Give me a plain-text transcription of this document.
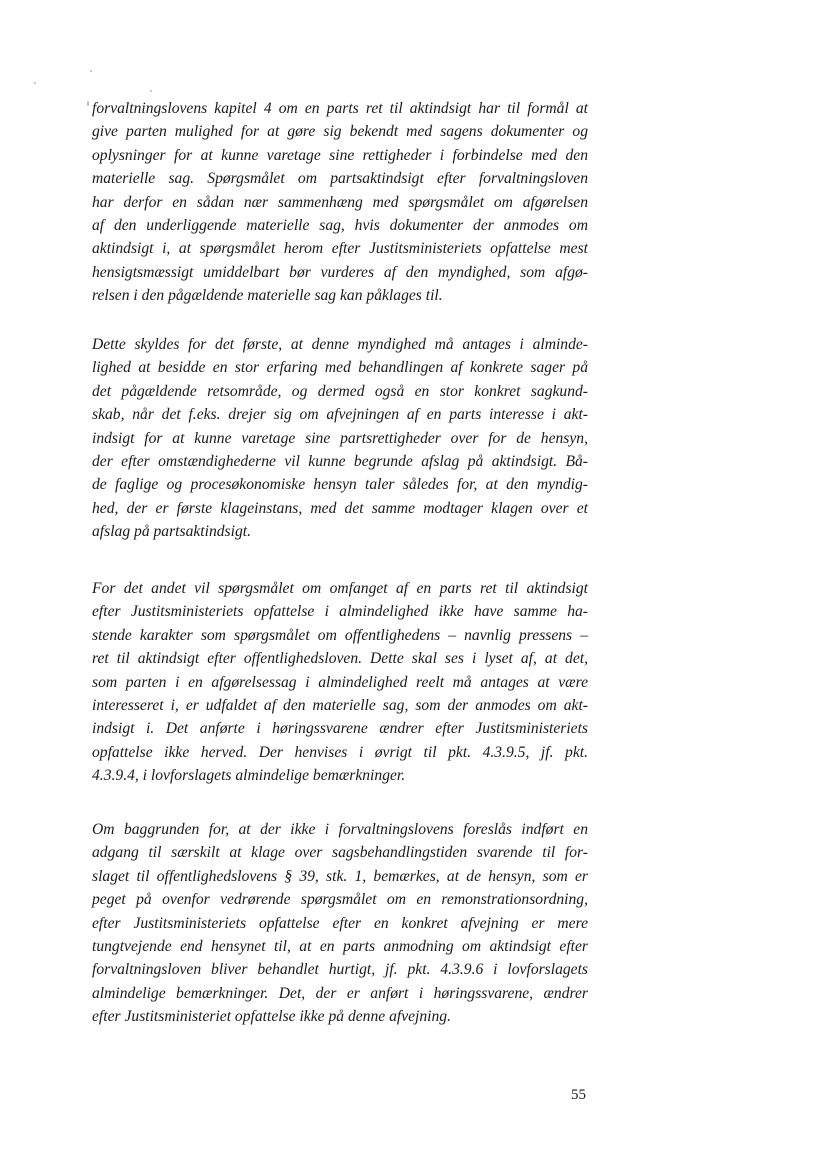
forvaltningslovens kapitel 4 om en parts ret til aktindsigt har til formål at
give parten mulighed for at gøre sig bekendt med sagens dokumenter og
oplysninger for at kunne varetage sine rettigheder i forbindelse med den
materielle sag. Spørgsmålet om partsaktindsigt efter forvaltningsloven
har derfor en sådan nær sammenhæng med spørgsmålet om afgørelsen
af den underliggende materielle sag, hvis dokumenter der anmodes om
aktindsigt i, at spørgsmålet herom efter Justitsministeriets opfattelse mest
hensigtsmæssigt umiddelbart bør vurderes af den myndighed, som afgø-
relsen i den pågældende materielle sag kan påklages til.
Dette skyldes for det første, at denne myndighed må antages i alminde-
lighed at besidde en stor erfaring med behandlingen af konkrete sager på
det pågældende retsområde, og dermed også en stor konkret sagkund-
skab, når det f.eks. drejer sig om afvejningen af en parts interesse i akt-
indsigt for at kunne varetage sine partsrettigheder over for de hensyn,
der efter omstændighederne vil kunne begrunde afslag på aktindsigt. Bå-
de faglige og procesøkonomiske hensyn taler således for, at den myndig-
hed, der er første klageinstans, med det samme modtager klagen over et
afslag på partsaktindsigt.
For det andet vil spørgsmålet om omfanget af en parts ret til aktindsigt
efter Justitsministeriets opfattelse i almindelighed ikke have samme ha-
stende karakter som spørgsmålet om offentlighedens – navnlig pressens –
ret til aktindsigt efter offentlighedsloven. Dette skal ses i lyset af, at det,
som parten i en afgørelsessag i almindelighed reelt må antages at være
interesseret i, er udfaldet af den materielle sag, som der anmodes om akt-
indsigt i. Det anførte i høringssvarene ændrer efter Justitsministeriets
opfattelse ikke herved. Der henvises i øvrigt til pkt. 4.3.9.5, jf. pkt.
4.3.9.4, i lovforslagets almindelige bemærkninger.
Om baggrunden for, at der ikke i forvaltningslovens foreslås indført en
adgang til særskilt at klage over sagsbehandlingstiden svarende til for-
slaget til offentlighedslovens § 39, stk. 1, bemærkes, at de hensyn, som er
peget på ovenfor vedrørende spørgsmålet om en remonstrationsordning,
efter Justitsministeriets opfattelse efter en konkret afvejning er mere
tungtvejende end hensynet til, at en parts anmodning om aktindsigt efter
forvaltningsloven bliver behandlet hurtigt, jf. pkt. 4.3.9.6 i lovforslagets
almindelige bemærkninger. Det, der er anført i høringssvarene, ændrer
efter Justitsministeriet opfattelse ikke på denne afvejning.
55
